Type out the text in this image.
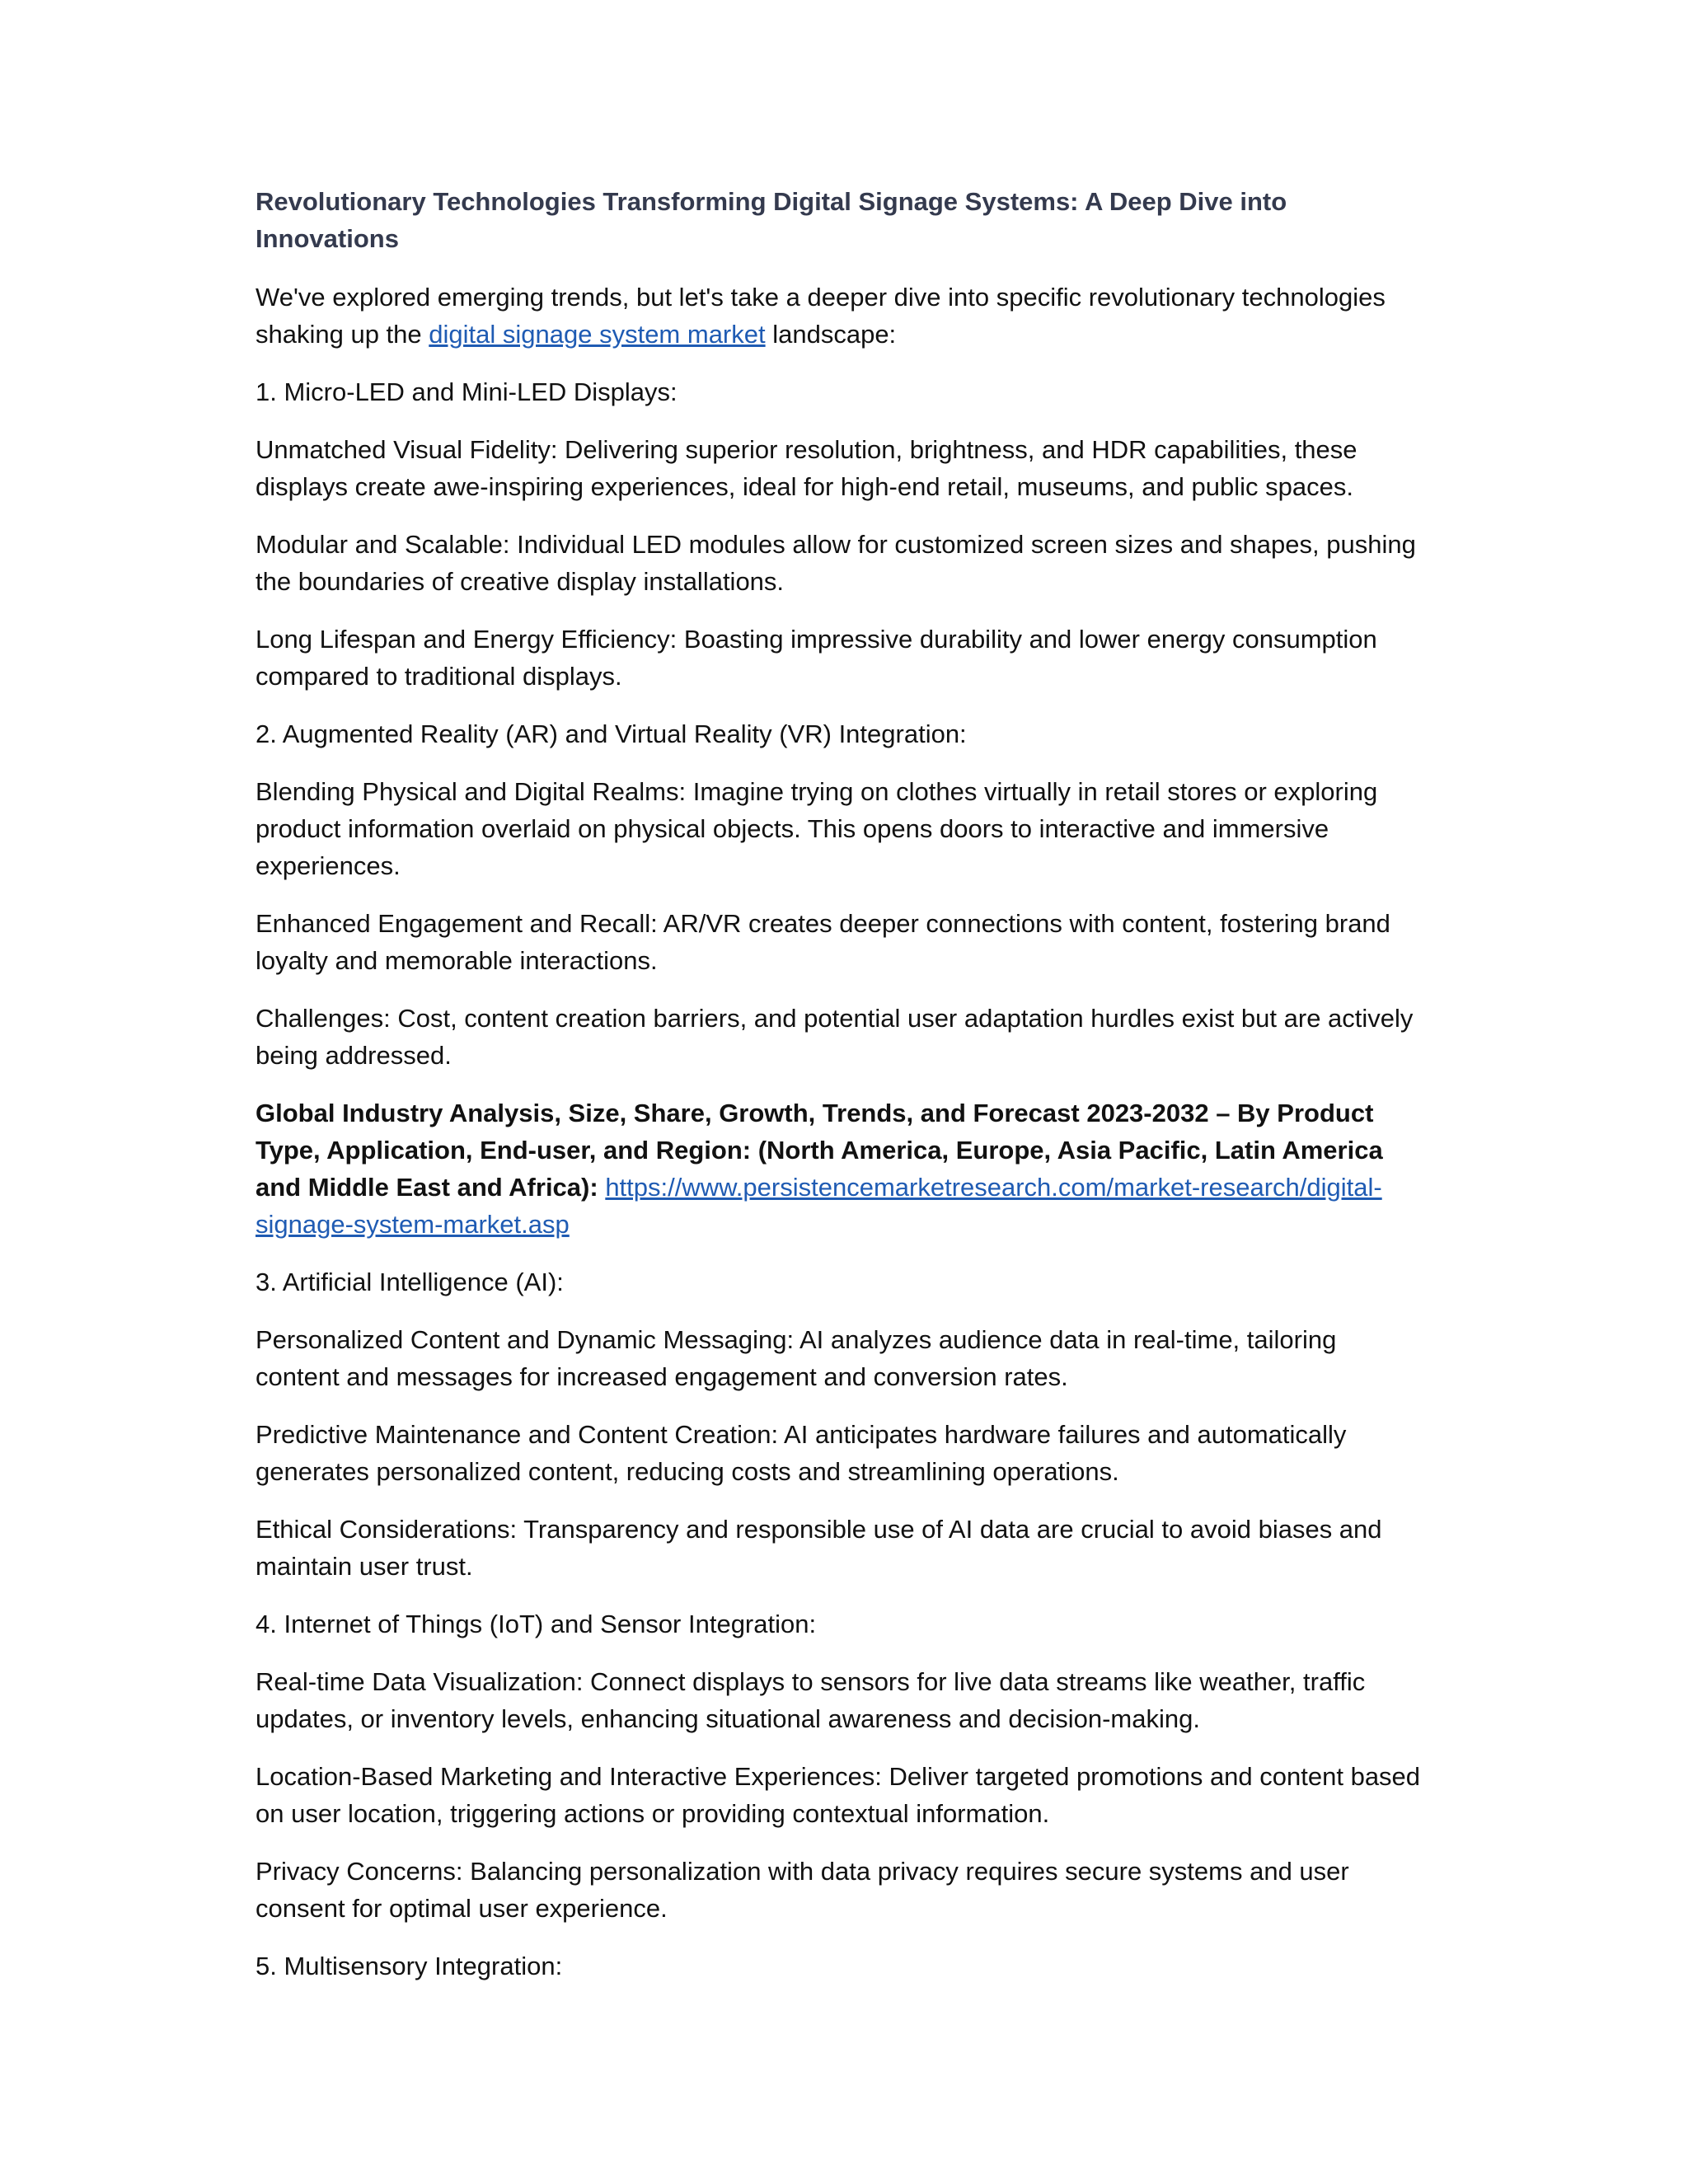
Revolutionary Technologies Transforming Digital Signage Systems: A Deep Dive into Innovations

We've explored emerging trends, but let's take a deeper dive into specific revolutionary technologies shaking up the digital signage system market landscape:

1. Micro-LED and Mini-LED Displays:

Unmatched Visual Fidelity: Delivering superior resolution, brightness, and HDR capabilities, these displays create awe-inspiring experiences, ideal for high-end retail, museums, and public spaces.

Modular and Scalable: Individual LED modules allow for customized screen sizes and shapes, pushing the boundaries of creative display installations.

Long Lifespan and Energy Efficiency: Boasting impressive durability and lower energy consumption compared to traditional displays.

2. Augmented Reality (AR) and Virtual Reality (VR) Integration:

Blending Physical and Digital Realms: Imagine trying on clothes virtually in retail stores or exploring product information overlaid on physical objects. This opens doors to interactive and immersive experiences.

Enhanced Engagement and Recall: AR/VR creates deeper connections with content, fostering brand loyalty and memorable interactions.

Challenges: Cost, content creation barriers, and potential user adaptation hurdles exist but are actively being addressed.

Global Industry Analysis, Size, Share, Growth, Trends, and Forecast 2023-2032 – By Product Type, Application, End-user, and Region: (North America, Europe, Asia Pacific, Latin America and Middle East and Africa): https://www.persistencemarketresearch.com/market-research/digital-signage-system-market.asp

3. Artificial Intelligence (AI):

Personalized Content and Dynamic Messaging: AI analyzes audience data in real-time, tailoring content and messages for increased engagement and conversion rates.

Predictive Maintenance and Content Creation: AI anticipates hardware failures and automatically generates personalized content, reducing costs and streamlining operations.

Ethical Considerations: Transparency and responsible use of AI data are crucial to avoid biases and maintain user trust.

4. Internet of Things (IoT) and Sensor Integration:

Real-time Data Visualization: Connect displays to sensors for live data streams like weather, traffic updates, or inventory levels, enhancing situational awareness and decision-making.

Location-Based Marketing and Interactive Experiences: Deliver targeted promotions and content based on user location, triggering actions or providing contextual information.

Privacy Concerns: Balancing personalization with data privacy requires secure systems and user consent for optimal user experience.

5. Multisensory Integration:
